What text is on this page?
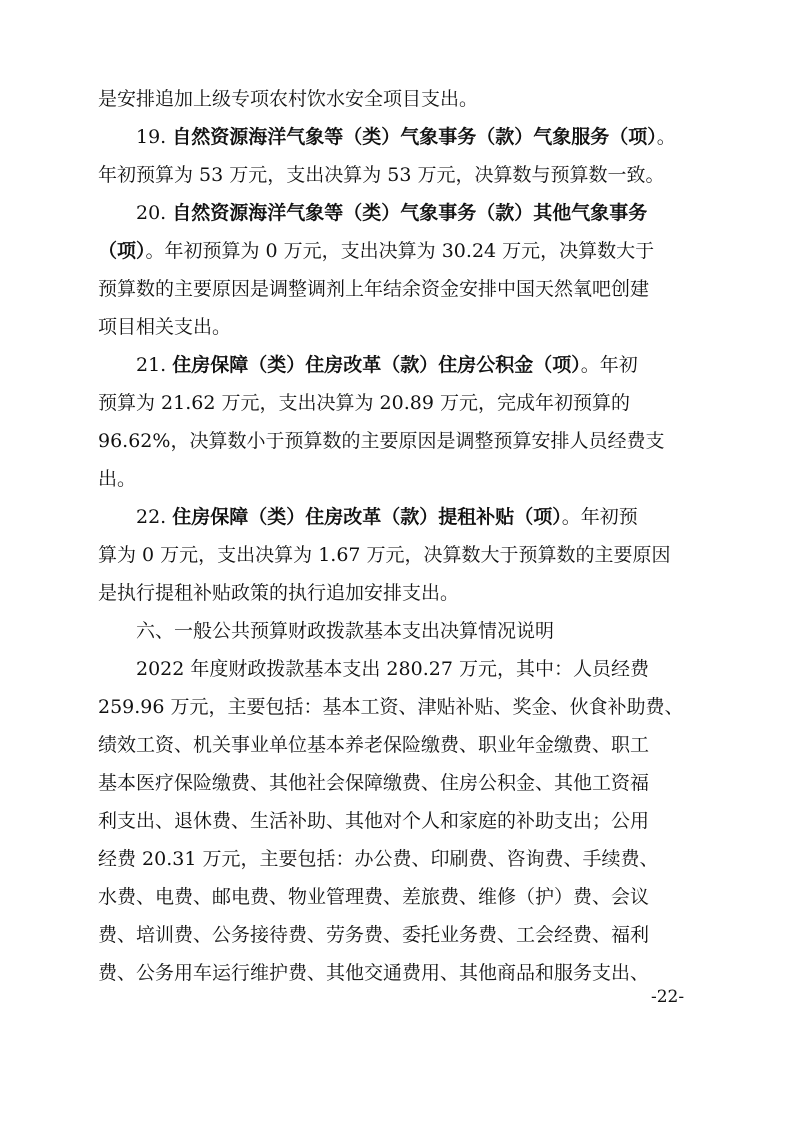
是安排追加上级专项农村饮水安全项目支出。
19. 自然资源海洋气象等（类）气象事务（款）气象服务（项）。
年初预算为 53 万元，支出决算为 53 万元，决算数与预算数一致。
20. 自然资源海洋气象等（类）气象事务（款）其他气象事务
（项）。年初预算为 0 万元，支出决算为 30.24 万元，决算数大于
预算数的主要原因是调整调剂上年结余资金安排中国天然氧吧创建
项目相关支出。
21. 住房保障（类）住房改革（款）住房公积金（项）。年初
预算为 21.62 万元，支出决算为 20.89 万元，完成年初预算的
96.62%，决算数小于预算数的主要原因是调整预算安排人员经费支
出。
22. 住房保障（类）住房改革（款）提租补贴（项）。年初预
算为 0 万元，支出决算为 1.67 万元，决算数大于预算数的主要原因
是执行提租补贴政策的执行追加安排支出。
六、一般公共预算财政拨款基本支出决算情况说明
2022 年度财政拨款基本支出 280.27 万元，其中：人员经费
259.96 万元，主要包括：基本工资、津贴补贴、奖金、伙食补助费、
绩效工资、机关事业单位基本养老保险缴费、职业年金缴费、职工
基本医疗保险缴费、其他社会保障缴费、住房公积金、其他工资福
利支出、退休费、生活补助、其他对个人和家庭的补助支出；公用
经费 20.31 万元，主要包括：办公费、印刷费、咨询费、手续费、
水费、电费、邮电费、物业管理费、差旅费、维修（护）费、会议
费、培训费、公务接待费、劳务费、委托业务费、工会经费、福利
费、公务用车运行维护费、其他交通费用、其他商品和服务支出、
-22-
